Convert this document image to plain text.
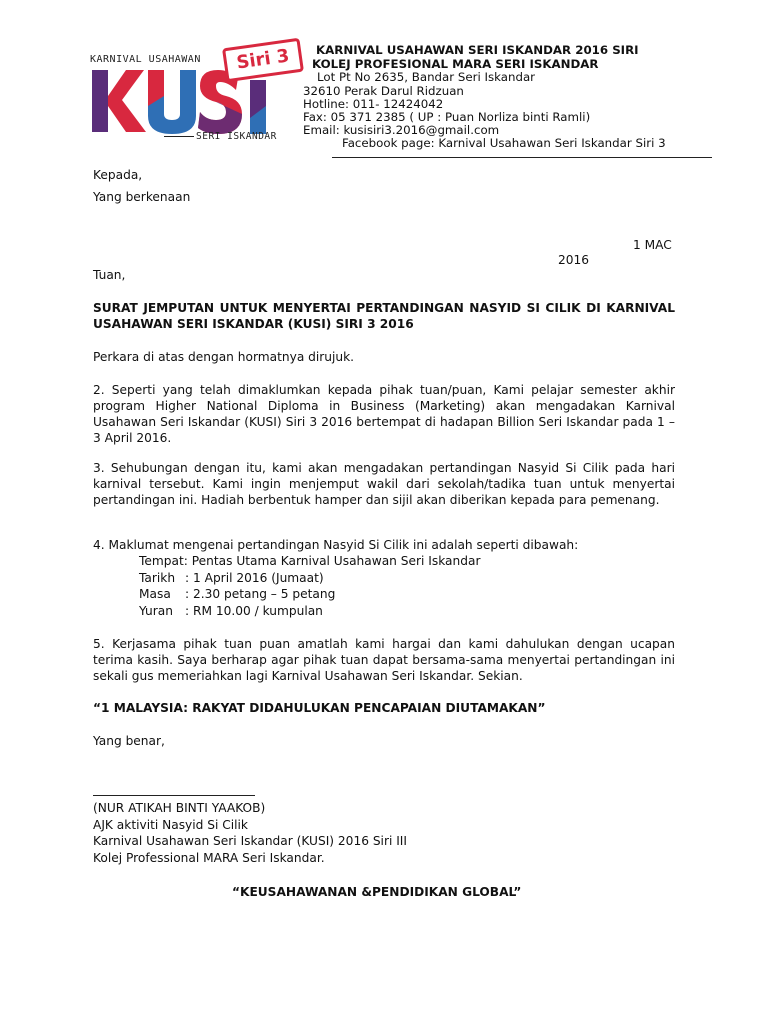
KARNIVAL USAHAWAN	Siri 3
SERI ISKANDAR
KARNIVAL USAHAWAN SERI ISKANDAR 2016 SIRI
KOLEJ PROFESIONAL MARA SERI ISKANDAR
Lot Pt No 2635, Bandar Seri Iskandar
32610 Perak Darul Ridzuan
Hotline: 011- 12424042
Fax: 05 371 2385 ( UP : Puan Norliza binti Ramli)
Email: kusisiri3.2016@gmail.com
Facebook page: Karnival Usahawan Seri Iskandar Siri 3
Kepada,
Yang berkenaan
1 MAC
2016
Tuan,
SURAT JEMPUTAN UNTUK MENYERTAI PERTANDINGAN NASYID SI CILIK DI KARNIVAL USAHAWAN SERI ISKANDAR (KUSI) SIRI 3 2016
Perkara di atas dengan hormatnya dirujuk.
2. Seperti yang telah dimaklumkan kepada pihak tuan/puan, Kami pelajar semester akhir program Higher National Diploma in Business (Marketing) akan mengadakan Karnival Usahawan Seri Iskandar (KUSI) Siri 3 2016 bertempat di hadapan Billion Seri Iskandar pada 1 – 3 April 2016.
3. Sehubungan dengan itu, kami akan mengadakan pertandingan Nasyid Si Cilik pada hari karnival tersebut. Kami ingin menjemput wakil dari sekolah/tadika tuan untuk menyertai pertandingan ini. Hadiah berbentuk hamper dan sijil akan diberikan kepada para pemenang.
4. Maklumat mengenai pertandingan Nasyid Si Cilik ini adalah seperti dibawah:
Tempat: Pentas Utama Karnival Usahawan Seri Iskandar
Tarikh : 1 April 2016 (Jumaat)
Masa : 2.30 petang – 5 petang
Yuran : RM 10.00 / kumpulan
5. Kerjasama pihak tuan puan amatlah kami hargai dan kami dahulukan dengan ucapan terima kasih. Saya berharap agar pihak tuan dapat bersama-sama menyertai pertandingan ini sekali gus memeriahkan lagi Karnival Usahawan Seri Iskandar. Sekian.
“1 MALAYSIA: RAKYAT DIDAHULUKAN PENCAPAIAN DIUTAMAKAN”
Yang benar,
(NUR ATIKAH BINTI YAAKOB)
AJK aktiviti Nasyid Si Cilik
Karnival Usahawan Seri Iskandar (KUSI) 2016 Siri III
Kolej Professional MARA Seri Iskandar.
“KEUSAHAWANAN &PENDIDIKAN GLOBAL”
